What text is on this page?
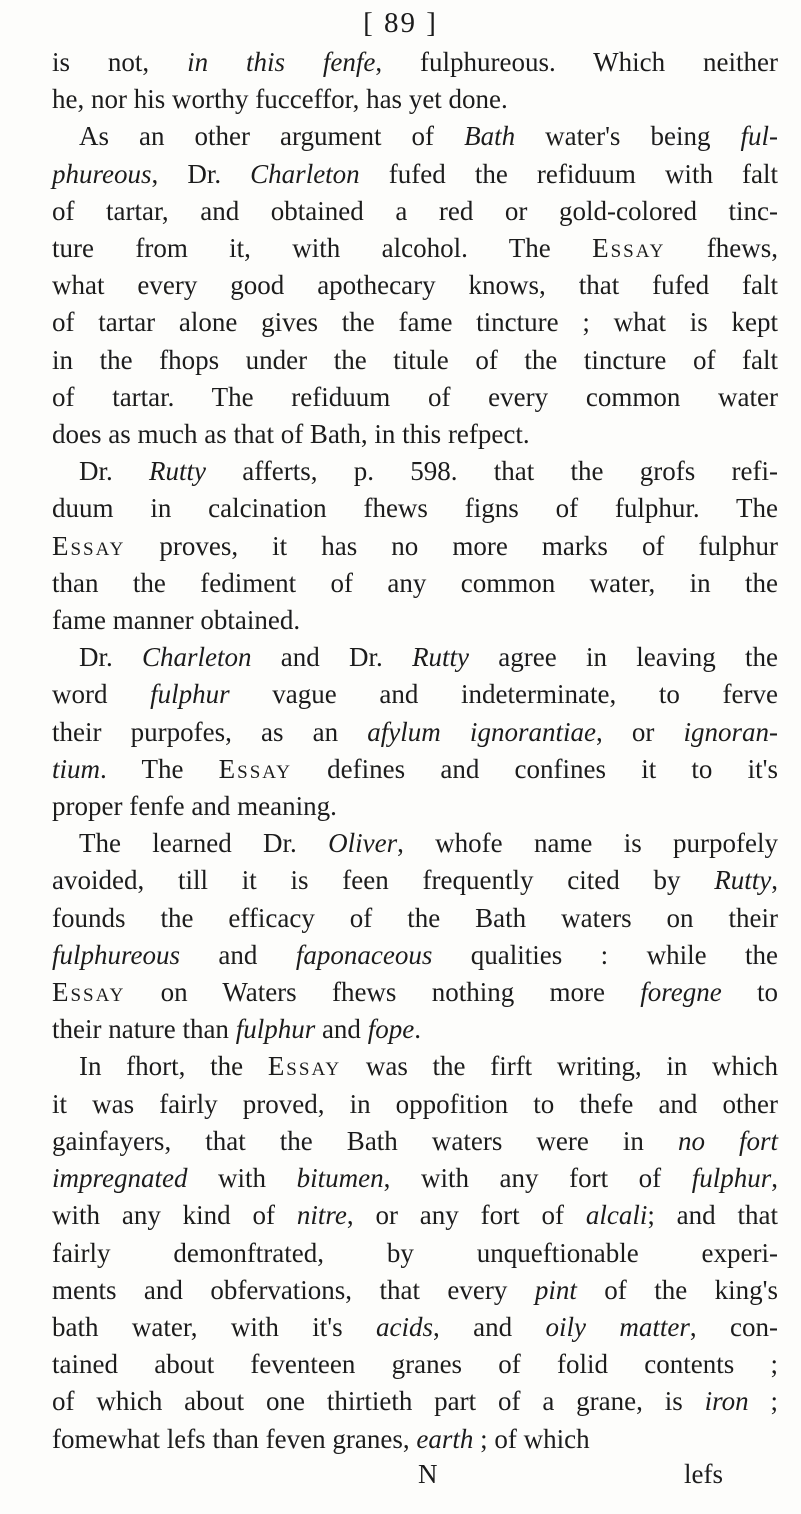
[ 89 ]
is not, in this fenfe, fulphureous. Which neither
he, nor his worthy fucceffor, has yet done.
As an other argument of Bath water's being ful-
phureous, Dr. Charleton fufed the refiduum with falt
of tartar, and obtained a red or gold-colored tinc-
ture from it, with alcohol. The Essay fhews,
what every good apothecary knows, that fufed falt
of tartar alone gives the fame tincture ; what is kept
in the fhops under the titule of the tincture of falt
of tartar. The refiduum of every common water
does as much as that of Bath, in this refpect.
Dr. Rutty afferts, p. 598. that the grofs refi-
duum in calcination fhews figns of fulphur. The
Essay proves, it has no more marks of fulphur
than the fediment of any common water, in the
fame manner obtained.
Dr. Charleton and Dr. Rutty agree in leaving the
word fulphur vague and indeterminate, to ferve
their purpofes, as an afylum ignorantiae, or ignoran-
tium. The Essay defines and confines it to it's
proper fenfe and meaning.
The learned Dr. Oliver, whofe name is purpofely
avoided, till it is feen frequently cited by Rutty,
founds the efficacy of the Bath waters on their
fulphureous and faponaceous qualities : while the
Essay on Waters fhews nothing more foregne to
their nature than fulphur and fope.
In fhort, the Essay was the firft writing, in which
it was fairly proved, in oppofition to thefe and other
gainfayers, that the Bath waters were in no fort
impregnated with bitumen, with any fort of fulphur,
with any kind of nitre, or any fort of alcali; and that
fairly demonftrated, by unqueftionable experi-
ments and obfervations, that every pint of the king's
bath water, with it's acids, and oily matter, con-
tained about feventeen granes of folid contents ;
of which about one thirtieth part of a grane, is iron ;
fomewhat lefs than feven granes, earth ; of which
N	lefs
